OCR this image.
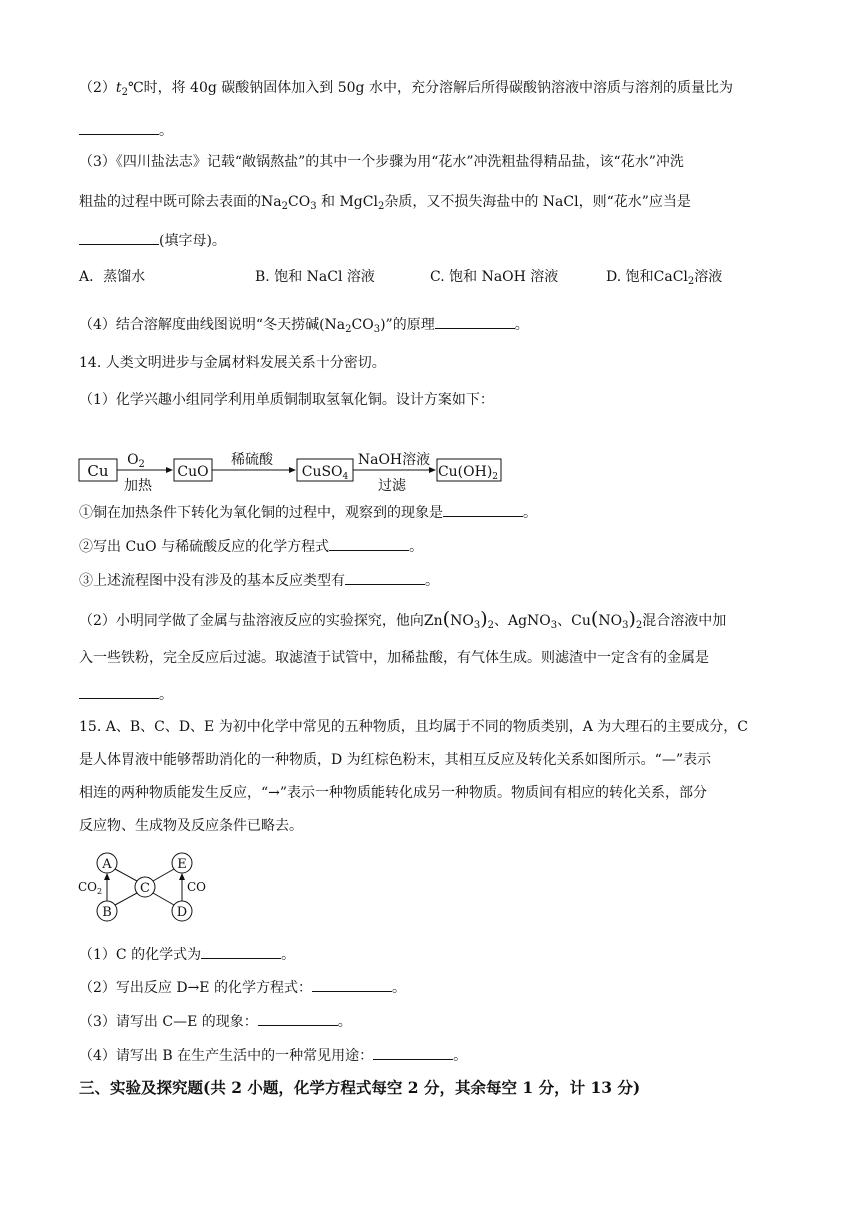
$(2)t_2℃$时，将 40g 碳酸钠固体加入到 50g 水中，充分溶解后所得碳酸钠溶液中溶质与溶剂的质量比为
。
（3）《四川盐法志》记载“敞锅熬盐”的其中一个步骤为用“花水”冲洗粗盐得精品盐，该“花水”冲洗
粗盐的过程中既可除去表面的$Na_2CO_3$ 和 MgCl$_2$杂质，又不损失海盐中的 NaCl，则“花水”应当是
(填字母)。
A．蒸馏水	B. 饱和 NaCl 溶液	C. 饱和 NaOH 溶液	D. 饱和CaCl$_2$溶液
（4）结合溶解度曲线图说明“冬天捞碱$(Na_2CO_3)$”的原理	。
14. 人类文明进步与金属材料发展关系十分密切。
（1）化学兴趣小组同学利用单质铜制取氢氧化铜。设计方案如下：
Cu
$O_2$
加热
CuO
稀硫酸
CuSO$_4$
NaOH溶液
过滤
$Cu(OH)_2$
①铜在加热条件下转化为氧化铜的过程中，观察到的现象是	。
②写出 CuO 与稀硫酸反应的化学方程式	。
③上述流程图中没有涉及的基本反应类型有	。
（2）小明同学做了金属与盐溶液反应的实验探究，他向$Zn(NO_3)_2$、AgNO$_3$、$Cu(NO_3)_2$混合溶液中加
入一些铁粉，完全反应后过滤。取滤渣于试管中，加稀盐酸，有气体生成。则滤渣中一定含有的金属是
。
15. A、B、C、D、E 为初中化学中常见的五种物质，且均属于不同的物质类别，A 为大理石的主要成分，C
是人体胃液中能够帮助消化的一种物质，D 为红棕色粉末，其相互反应及转化关系如图所示。“—”表示
相连的两种物质能发生反应，“→”表示一种物质能转化成另一种物质。物质间有相应的转化关系，部分
反应物、生成物及反应条件已略去。
A
B
C
E
D
$CO_2$	CO
（1）C 的化学式为	。
（2）写出反应 D→E 的化学方程式：	。
（3）请写出 C—E 的现象：	。
（4）请写出 B 在生产生活中的一种常见用途：	。
三、实验及探究题(共 2 小题，化学方程式每空 2 分，其余每空 1 分，计 13 分)
